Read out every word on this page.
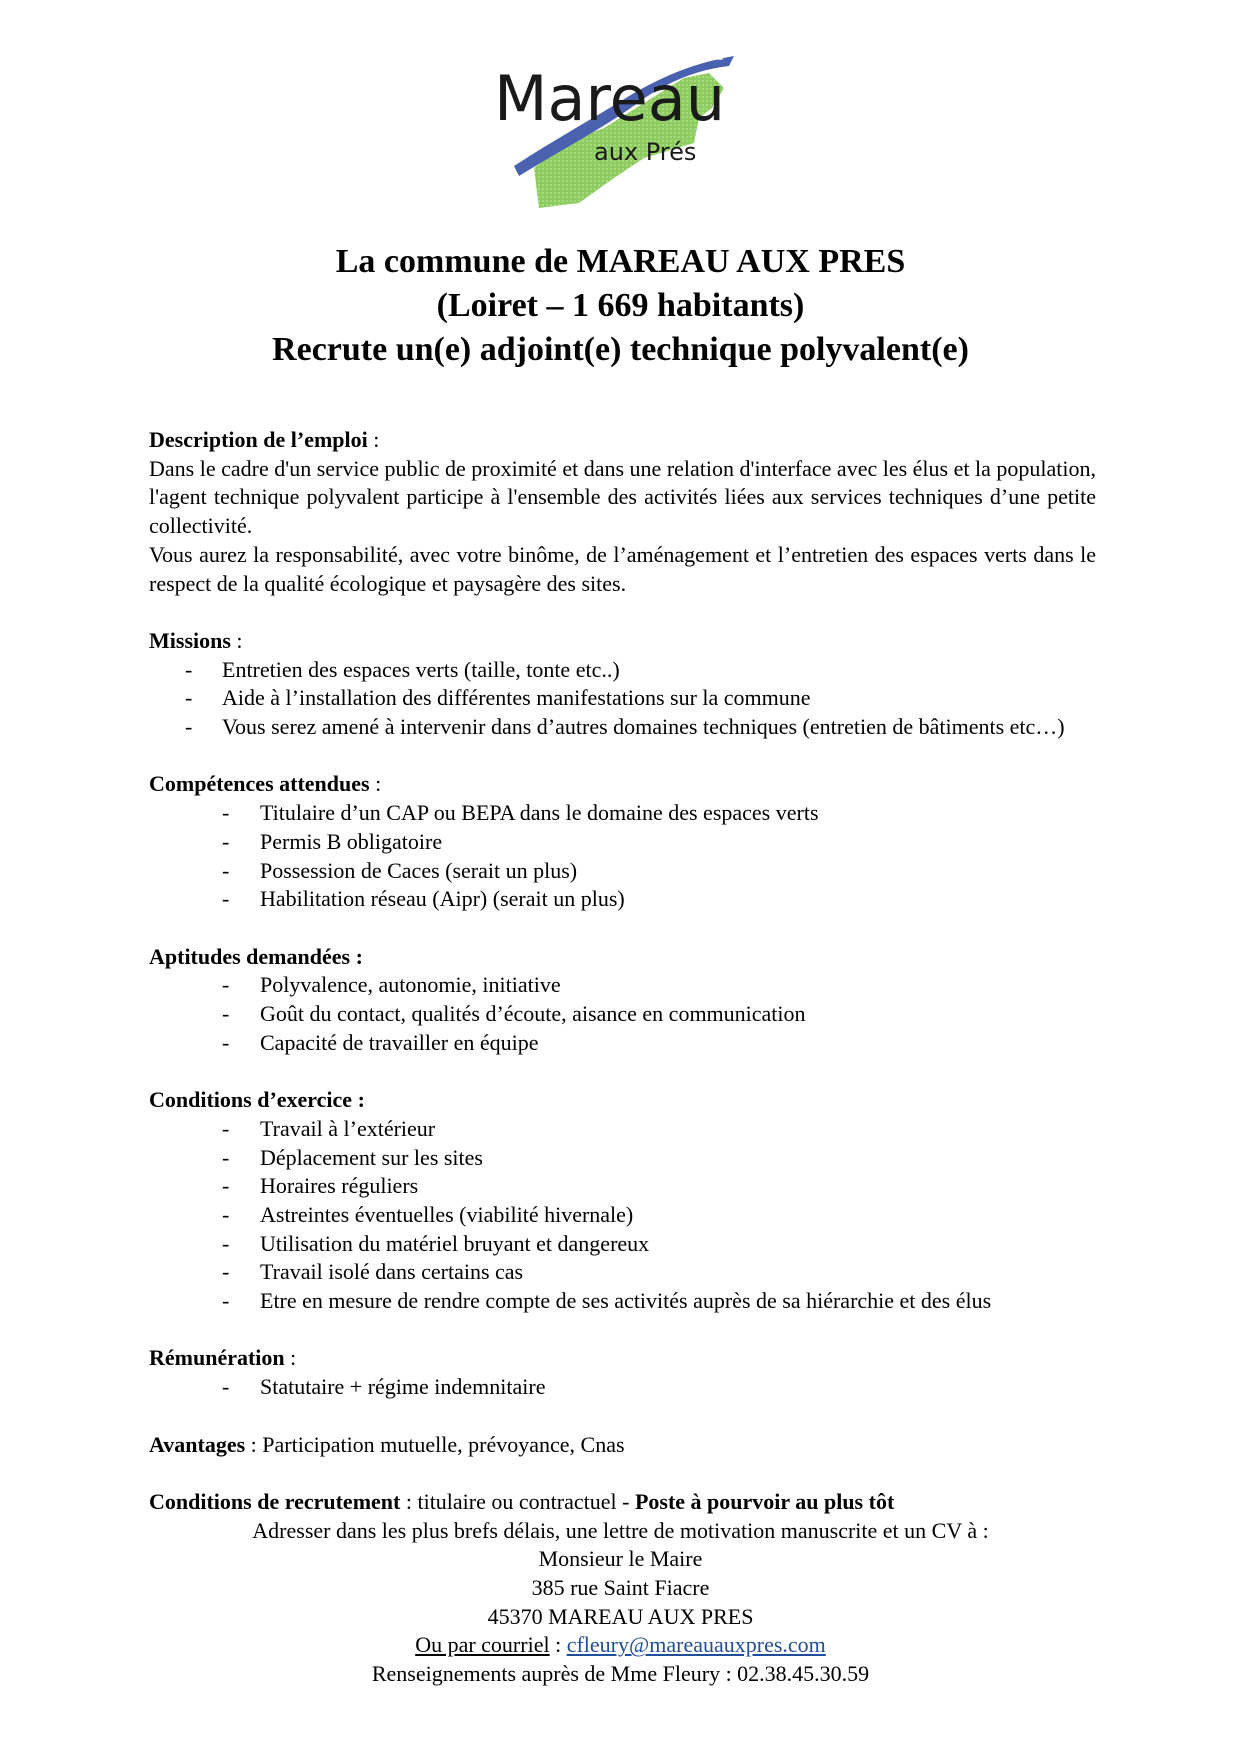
Mareau
aux Prés
La commune de MAREAU AUX PRES
(Loiret – 1 669 habitants)
Recrute un(e) adjoint(e) technique polyvalent(e)
Description de l’emploi :

Dans le cadre d'un service public de proximité et dans une relation d'interface avec les élus et la population, l'agent technique polyvalent participe à l'ensemble des activités liées aux services techniques d’une petite collectivité.

Vous aurez la responsabilité, avec votre binôme, de l’aménagement et l’entretien des espaces verts dans le respect de la qualité écologique et paysagère des sites.

Missions :
- Entretien des espaces verts (taille, tonte etc..)
- Aide à l’installation des différentes manifestations sur la commune
- Vous serez amené à intervenir dans d’autres domaines techniques (entretien de bâtiments etc…)
Compétences attendues :
- Titulaire d’un CAP ou BEPA dans le domaine des espaces verts
- Permis B obligatoire
- Possession de Caces (serait un plus)
- Habilitation réseau (Aipr) (serait un plus)
Aptitudes demandées :
- Polyvalence, autonomie, initiative
- Goût du contact, qualités d’écoute, aisance en communication
- Capacité de travailler en équipe
Conditions d’exercice :
- Travail à l’extérieur
- Déplacement sur les sites
- Horaires réguliers
- Astreintes éventuelles (viabilité hivernale)
- Utilisation du matériel bruyant et dangereux
- Travail isolé dans certains cas
- Etre en mesure de rendre compte de ses activités auprès de sa hiérarchie et des élus
Rémunération :
- Statutaire + régime indemnitaire
Avantages : Participation mutuelle, prévoyance, Cnas
Conditions de recrutement : titulaire ou contractuel - Poste à pourvoir au plus tôt
Adresser dans les plus brefs délais, une lettre de motivation manuscrite et un CV à :
Monsieur le Maire
385 rue Saint Fiacre
45370 MAREAU AUX PRES
Ou par courriel : cfleury@mareauauxpres.com
Renseignements auprès de Mme Fleury : 02.38.45.30.59
